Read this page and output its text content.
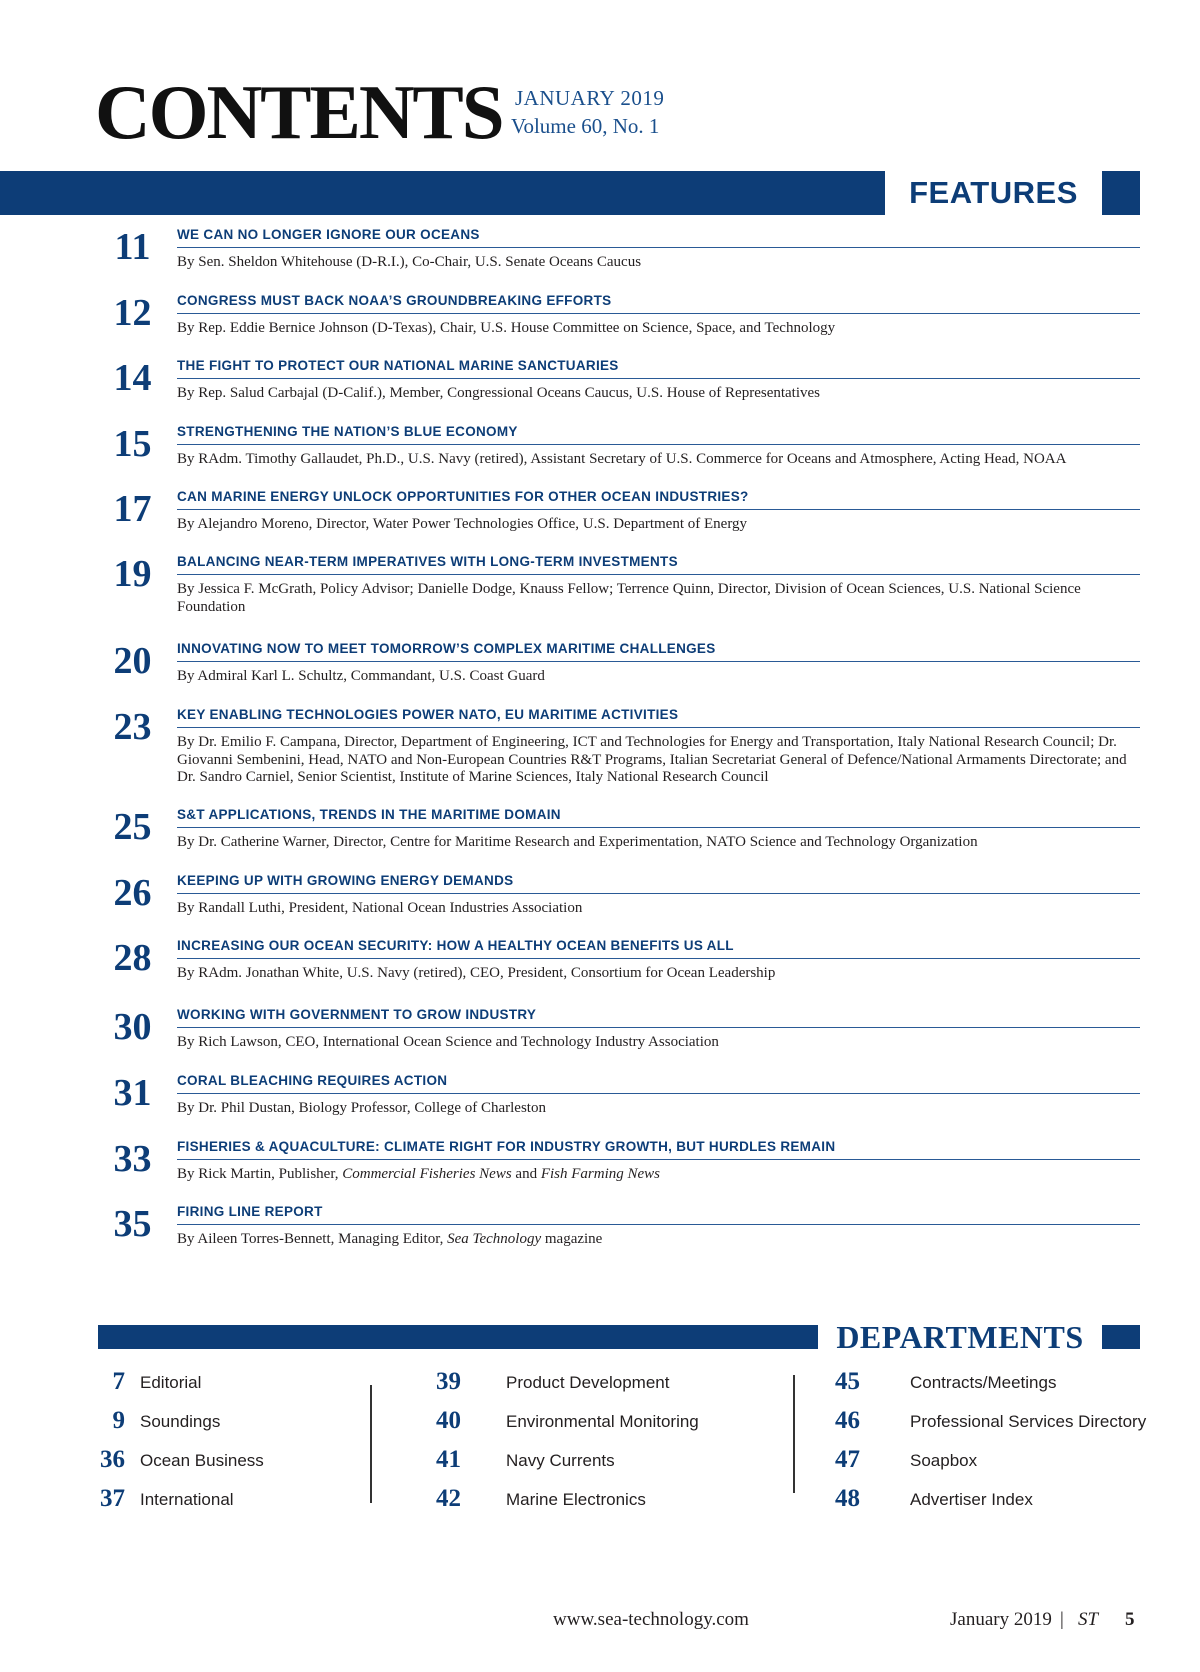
CONTENTS JANUARY 2019
Volume 60, No. 1
FEATURES
11	WE CAN NO LONGER IGNORE OUR OCEANS
By Sen. Sheldon Whitehouse (D-R.I.), Co-Chair, U.S. Senate Oceans Caucus
12	CONGRESS MUST BACK NOAA’S GROUNDBREAKING EFFORTS
By Rep. Eddie Bernice Johnson (D-Texas), Chair, U.S. House Committee on Science, Space, and Technology
14	THE FIGHT TO PROTECT OUR NATIONAL MARINE SANCTUARIES
By Rep. Salud Carbajal (D-Calif.), Member, Congressional Oceans Caucus, U.S. House of Representatives
15	STRENGTHENING THE NATION’S BLUE ECONOMY
By RAdm. Timothy Gallaudet, Ph.D., U.S. Navy (retired), Assistant Secretary of U.S. Commerce for Oceans and Atmosphere, Acting Head, NOAA
17	CAN MARINE ENERGY UNLOCK OPPORTUNITIES FOR OTHER OCEAN INDUSTRIES?
By Alejandro Moreno, Director, Water Power Technologies Office, U.S. Department of Energy
19	BALANCING NEAR-TERM IMPERATIVES WITH LONG-TERM INVESTMENTS
By Jessica F. McGrath, Policy Advisor; Danielle Dodge, Knauss Fellow; Terrence Quinn, Director, Division of Ocean Sciences, U.S. National Science Foundation
20	INNOVATING NOW TO MEET TOMORROW’S COMPLEX MARITIME CHALLENGES
By Admiral Karl L. Schultz, Commandant, U.S. Coast Guard
23	KEY ENABLING TECHNOLOGIES POWER NATO, EU MARITIME ACTIVITIES
By Dr. Emilio F. Campana, Director, Department of Engineering, ICT and Technologies for Energy and Transportation, Italy National Research Council; Dr. Giovanni Sembenini, Head, NATO and Non-European Countries R&T Programs, Italian Secretariat General of Defence/National Armaments Directorate; and Dr. Sandro Carniel, Senior Scientist, Institute of Marine Sciences, Italy National Research Council
25	S&T APPLICATIONS, TRENDS IN THE MARITIME DOMAIN
By Dr. Catherine Warner, Director, Centre for Maritime Research and Experimentation, NATO Science and Technology Organization
26	KEEPING UP WITH GROWING ENERGY DEMANDS
By Randall Luthi, President, National Ocean Industries Association
28	INCREASING OUR OCEAN SECURITY: HOW A HEALTHY OCEAN BENEFITS US ALL
By RAdm. Jonathan White, U.S. Navy (retired), CEO, President, Consortium for Ocean Leadership
30	WORKING WITH GOVERNMENT TO GROW INDUSTRY
By Rich Lawson, CEO, International Ocean Science and Technology Industry Association
31	CORAL BLEACHING REQUIRES ACTION
By Dr. Phil Dustan, Biology Professor, College of Charleston
33	FISHERIES & AQUACULTURE: CLIMATE RIGHT FOR INDUSTRY GROWTH, BUT HURDLES REMAIN
By Rick Martin, Publisher, Commercial Fisheries News and Fish Farming News
35	FIRING LINE REPORT
By Aileen Torres-Bennett, Managing Editor, Sea Technology magazine
DEPARTMENTS
7 Editorial
9 Soundings
36 Ocean Business
37 International
39	Product Development
40	Environmental Monitoring
41	Navy Currents
42	Marine Electronics
45	Contracts/Meetings
46	Professional Services Directory
47	Soapbox
48	Advertiser Index
www.sea-technology.com	January 2019 | ST 5
